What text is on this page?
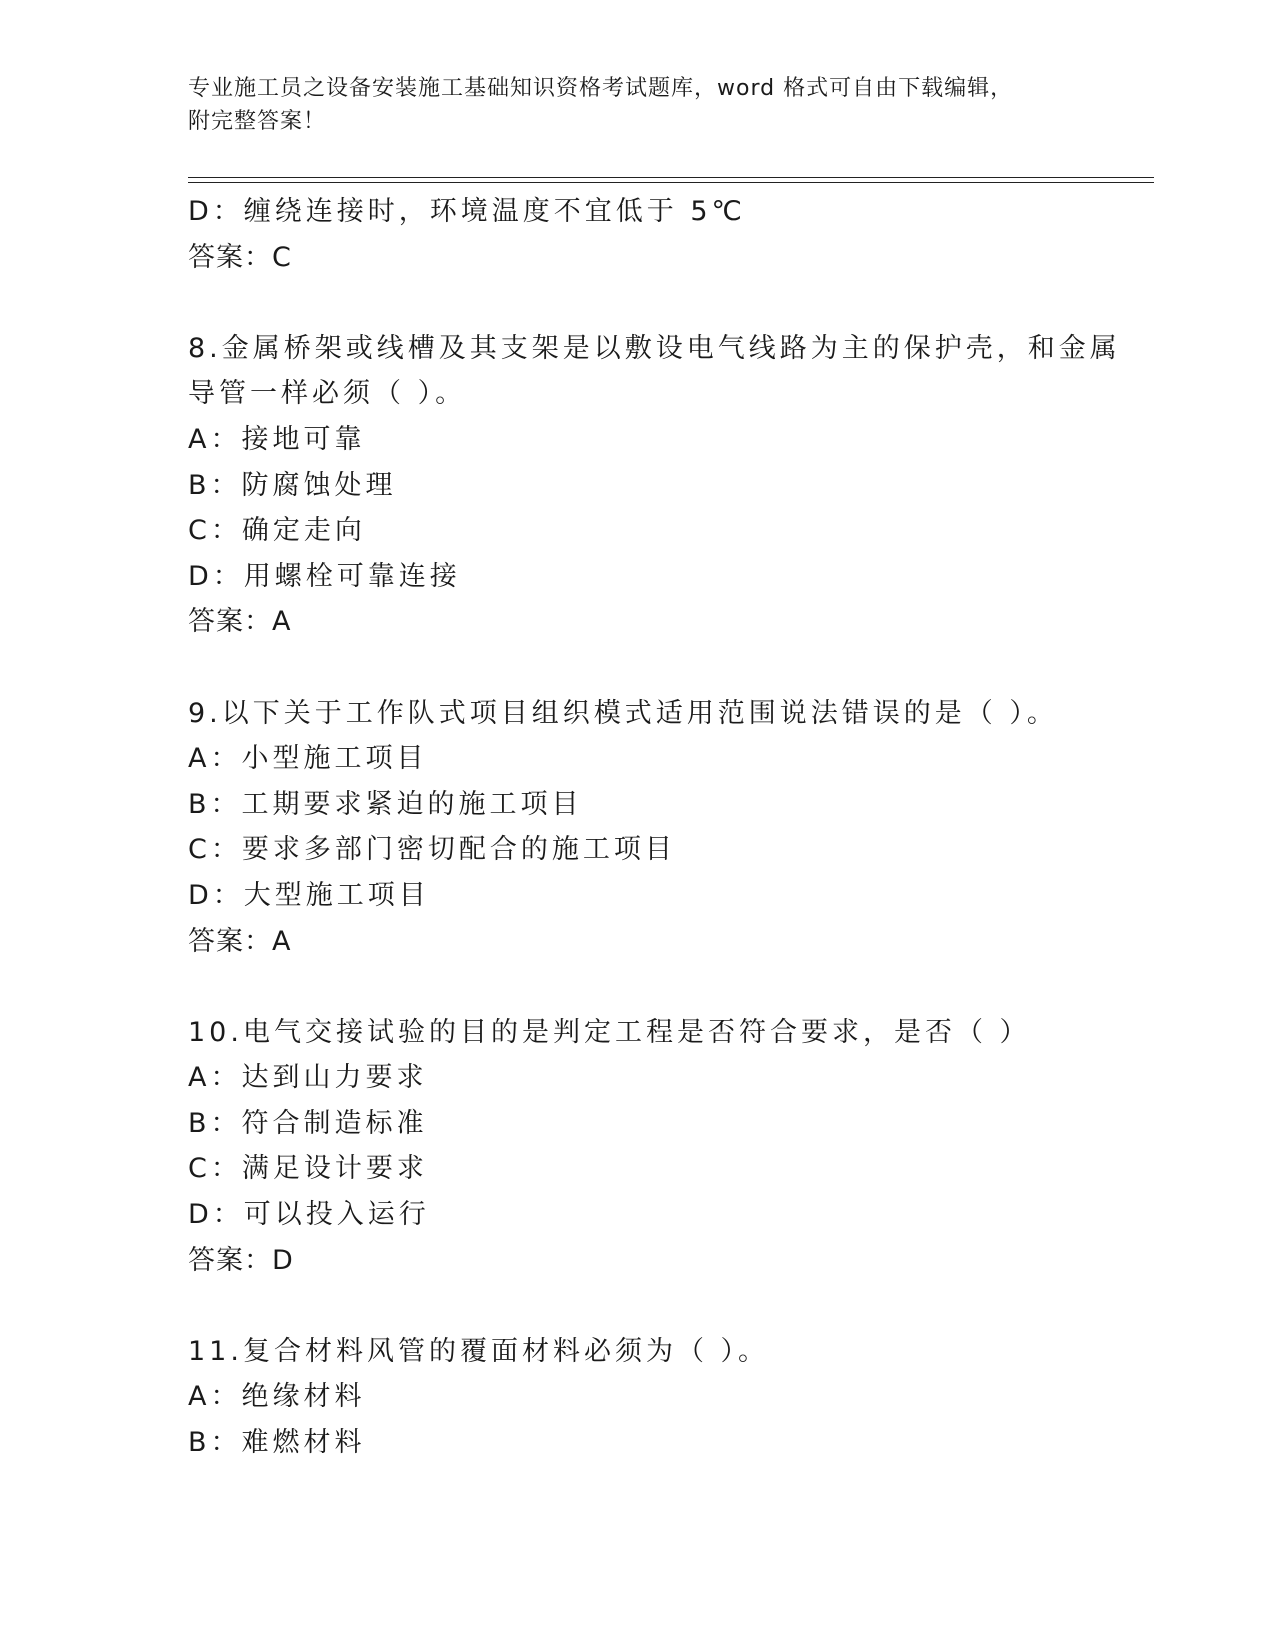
专业施工员之设备安装施工基础知识资格考试题库，word 格式可自由下载编辑，
附完整答案！
D：缠绕连接时，环境温度不宜低于 5℃
答案：C
8.金属桥架或线槽及其支架是以敷设电气线路为主的保护壳，和金属
导管一样必须（ ）。
A：接地可靠
B：防腐蚀处理
C：确定走向
D：用螺栓可靠连接
答案：A
9.以下关于工作队式项目组织模式适用范围说法错误的是（ ）。
A：小型施工项目
B：工期要求紧迫的施工项目
C：要求多部门密切配合的施工项目
D：大型施工项目
答案：A
10.电气交接试验的目的是判定工程是否符合要求，是否（ ）
A：达到山力要求
B：符合制造标准
C：满足设计要求
D：可以投入运行
答案：D
11.复合材料风管的覆面材料必须为（ ）。
A：绝缘材料
B：难燃材料
